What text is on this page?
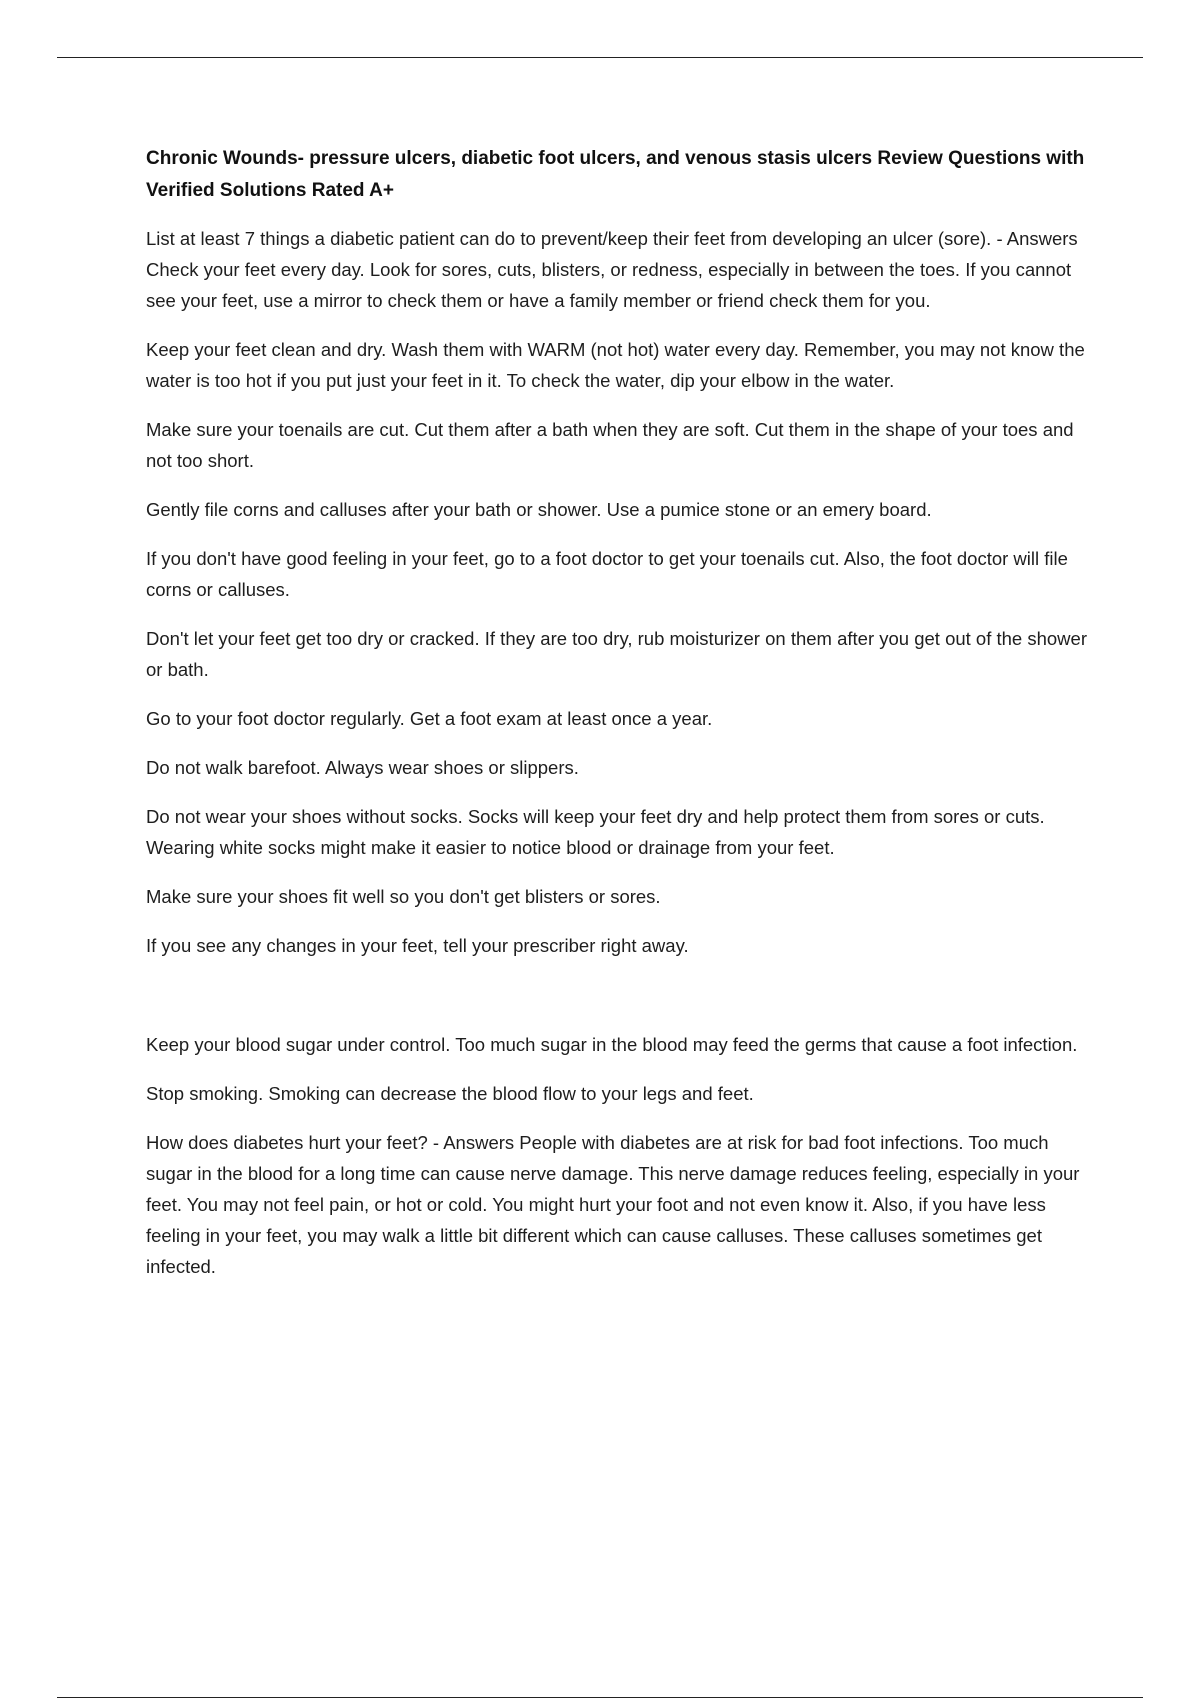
Chronic Wounds- pressure ulcers, diabetic foot ulcers, and venous stasis ulcers Review Questions with Verified Solutions Rated A+

List at least 7 things a diabetic patient can do to prevent/keep their feet from developing an ulcer (sore). - Answers Check your feet every day. Look for sores, cuts, blisters, or redness, especially in between the toes. If you cannot see your feet, use a mirror to check them or have a family member or friend check them for you.

Keep your feet clean and dry. Wash them with WARM (not hot) water every day. Remember, you may not know the water is too hot if you put just your feet in it. To check the water, dip your elbow in the water.

Make sure your toenails are cut. Cut them after a bath when they are soft. Cut them in the shape of your toes and not too short.

Gently file corns and calluses after your bath or shower. Use a pumice stone or an emery board.

If you don't have good feeling in your feet, go to a foot doctor to get your toenails cut. Also, the foot doctor will file corns or calluses.

Don't let your feet get too dry or cracked. If they are too dry, rub moisturizer on them after you get out of the shower or bath.

Go to your foot doctor regularly. Get a foot exam at least once a year.

Do not walk barefoot. Always wear shoes or slippers.

Do not wear your shoes without socks. Socks will keep your feet dry and help protect them from sores or cuts. Wearing white socks might make it easier to notice blood or drainage from your feet.

Make sure your shoes fit well so you don't get blisters or sores.

If you see any changes in your feet, tell your prescriber right away.

Keep your blood sugar under control. Too much sugar in the blood may feed the germs that cause a foot infection.

Stop smoking. Smoking can decrease the blood flow to your legs and feet.

How does diabetes hurt your feet? - Answers People with diabetes are at risk for bad foot infections. Too much sugar in the blood for a long time can cause nerve damage. This nerve damage reduces feeling, especially in your feet. You may not feel pain, or hot or cold. You might hurt your foot and not even know it. Also, if you have less feeling in your feet, you may walk a little bit different which can cause calluses. These calluses sometimes get infected.
